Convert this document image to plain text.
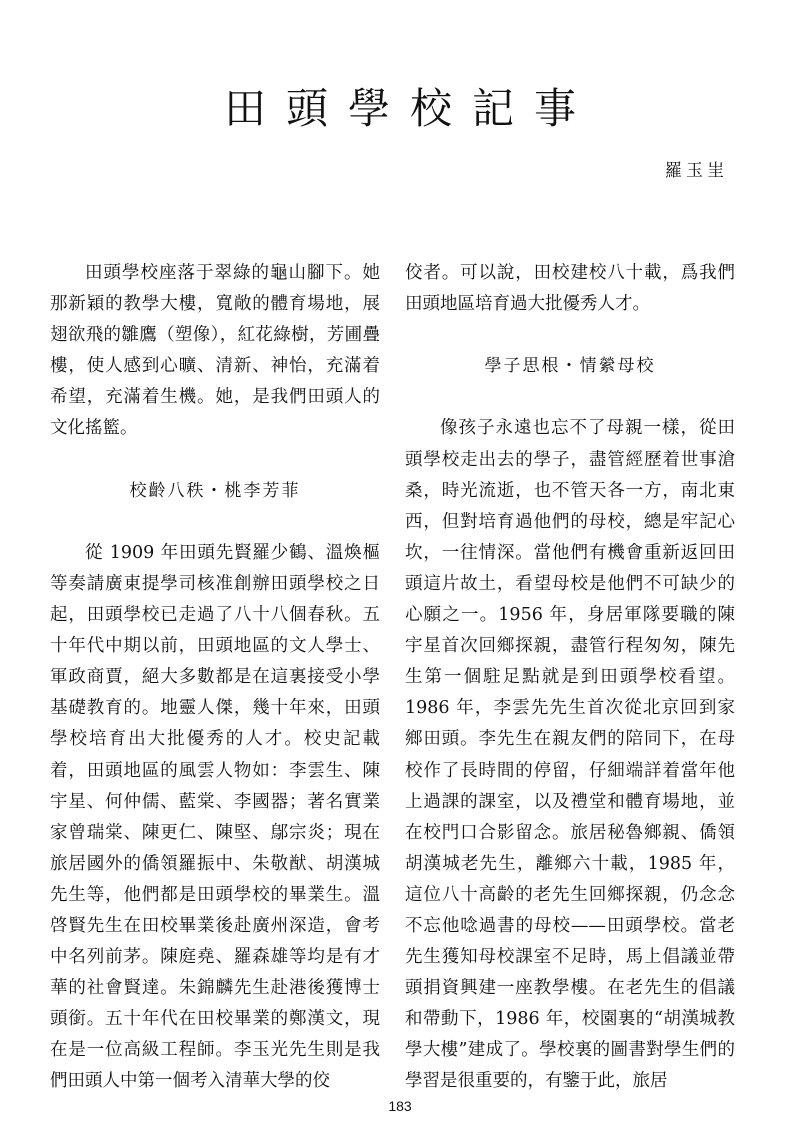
田頭學校記事
羅玉㞷

田頭學校座落于翠綠的龜山腳下。她那新穎的教學大樓，寬敞的體育場地，展翅欲飛的雛鷹（塑像），紅花綠樹，芳圃疊樓，使人感到心曠、清新、神怡，充滿着希望，充滿着生機。她，是我們田頭人的文化搖籃。

校齡八秩・桃李芳菲

從 1909 年田頭先賢羅少鶴、溫煥樞等奏請廣東提學司核准創辦田頭學校之日起，田頭學校已走過了八十八個春秋。五十年代中期以前，田頭地區的文人學士、軍政商賈，絕大多數都是在這裏接受小學基礎教育的。地靈人傑，幾十年來，田頭學校培育出大批優秀的人才。校史記載着，田頭地區的風雲人物如：李雲生、陳宇星、何仲儒、藍棠、李國器；著名實業家曾瑞棠、陳更仁、陳堅、鄔宗炎；現在旅居國外的僑領羅振中、朱敬猷、胡漢城先生等，他們都是田頭學校的畢業生。溫啓賢先生在田校畢業後赴廣州深造，會考中名列前茅。陳庭堯、羅森雄等均是有才華的社會賢達。朱錦麟先生赴港後獲博士頭銜。五十年代在田校畢業的鄭漢文，現在是一位高級工程師。李玉光先生則是我們田頭人中第一個考入清華大學的佼

佼者。可以說，田校建校八十載，爲我們田頭地區培育過大批優秀人才。

學子思根・情縈母校

像孩子永遠也忘不了母親一樣，從田頭學校走出去的學子，盡管經歷着世事滄桑，時光流逝，也不管天各一方，南北東西，但對培育過他們的母校，總是牢記心坎，一往情深。當他們有機會重新返回田頭這片故土，看望母校是他們不可缺少的心願之一。1956 年，身居軍隊要職的陳宇星首次回鄉探親，盡管行程匆匆，陳先生第一個駐足點就是到田頭學校看望。1986 年，李雲先先生首次從北京回到家鄉田頭。李先生在親友們的陪同下，在母校作了長時間的停留，仔細端詳着當年他上過課的課室，以及禮堂和體育場地，並在校門口合影留念。旅居秘魯鄉親、僑領胡漢城老先生，離鄉六十載，1985 年，這位八十高齡的老先生回鄉探親，仍念念不忘他唸過書的母校——田頭學校。當老先生獲知母校課室不足時，馬上倡議並帶頭捐資興建一座教學樓。在老先生的倡議和帶動下，1986 年，校園裏的“胡漢城教學大樓”建成了。學校裏的圖書對學生們的學習是很重要的，有鑒于此，旅居

183
